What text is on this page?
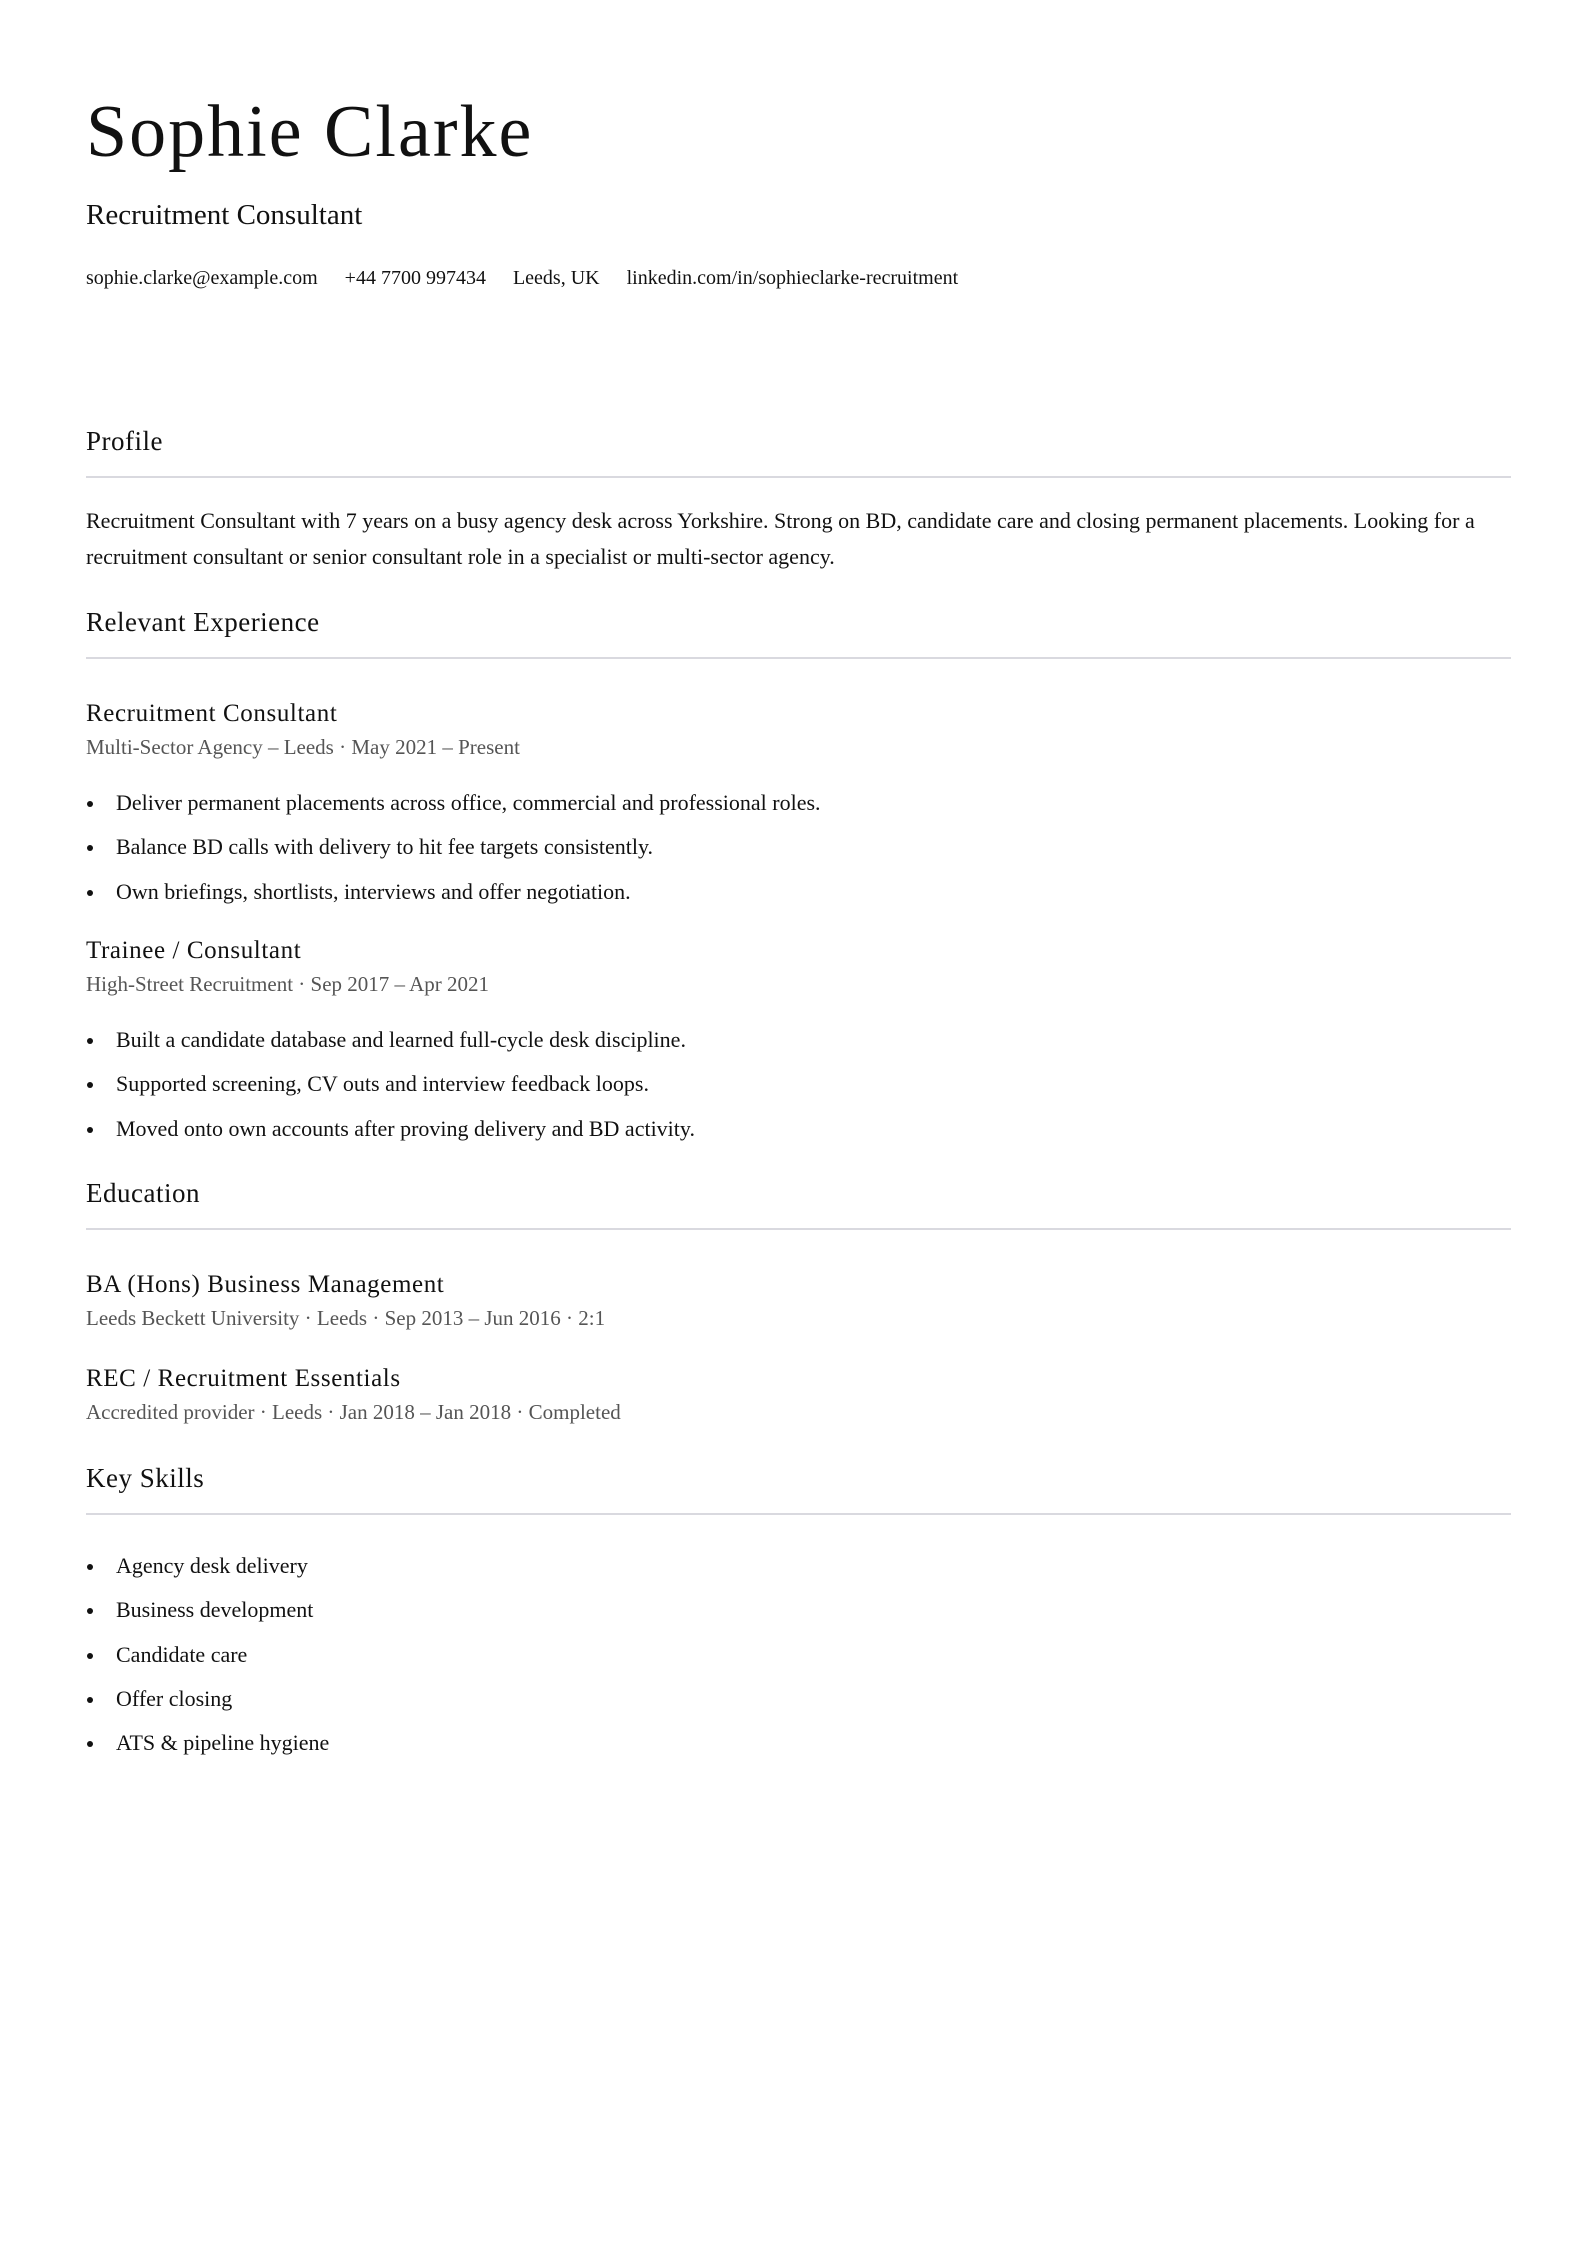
Sophie Clarke
Recruitment Consultant
sophie.clarke@example.com +44 7700 997434 Leeds, UK linkedin.com/in/sophieclarke-recruitment
Profile

Recruitment Consultant with 7 years on a busy agency desk across Yorkshire. Strong on BD, candidate care and closing permanent placements. Looking for a recruitment consultant or senior consultant role in a specialist or multi-sector agency.

Relevant Experience
Recruitment Consultant
Multi-Sector Agency – Leeds · May 2021 – Present
Deliver permanent placements across office, commercial and professional roles.
Balance BD calls with delivery to hit fee targets consistently.
Own briefings, shortlists, interviews and offer negotiation.
Trainee / Consultant
High-Street Recruitment · Sep 2017 – Apr 2021
Built a candidate database and learned full-cycle desk discipline.
Supported screening, CV outs and interview feedback loops.
Moved onto own accounts after proving delivery and BD activity.
Education
BA (Hons) Business Management
Leeds Beckett University · Leeds · Sep 2013 – Jun 2016 · 2:1
REC / Recruitment Essentials
Accredited provider · Leeds · Jan 2018 – Jan 2018 · Completed
Key Skills
Agency desk delivery
Business development
Candidate care
Offer closing
ATS & pipeline hygiene
